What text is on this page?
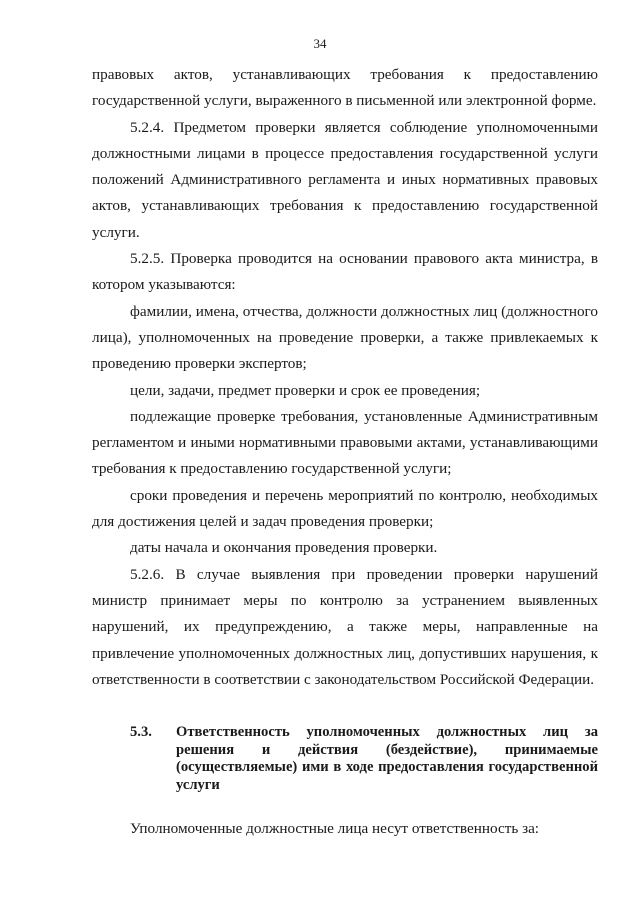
34

правовых актов, устанавливающих требования к предоставлению государственной услуги, выраженного в письменной или электронной форме.

5.2.4. Предметом проверки является соблюдение уполномоченными должностными лицами в процессе предоставления государственной услуги положений Административного регламента и иных нормативных правовых актов, устанавливающих требования к предоставлению государственной услуги.

5.2.5. Проверка проводится на основании правового акта министра, в котором указываются:

фамилии, имена, отчества, должности должностных лиц (должностного лица), уполномоченных на проведение проверки, а также привлекаемых к проведению проверки экспертов;

цели, задачи, предмет проверки и срок ее проведения;

подлежащие проверке требования, установленные Административным регламентом и иными нормативными правовыми актами, устанавливающими требования к предоставлению государственной услуги;

сроки проведения и перечень мероприятий по контролю, необходимых для достижения целей и задач проведения проверки;

даты начала и окончания проведения проверки.

5.2.6. В случае выявления при проведении проверки нарушений министр принимает меры по контролю за устранением выявленных нарушений, их предупреждению, а также меры, направленные на привлечение уполномоченных должностных лиц, допустивших нарушения, к ответственности в соответствии с законодательством Российской Федерации.

5.3.	Ответственность уполномоченных должностных лиц за решения и действия (бездействие), принимаемые (осуществляемые) ими в ходе предоставления государственной услуги

Уполномоченные должностные лица несут ответственность за:
